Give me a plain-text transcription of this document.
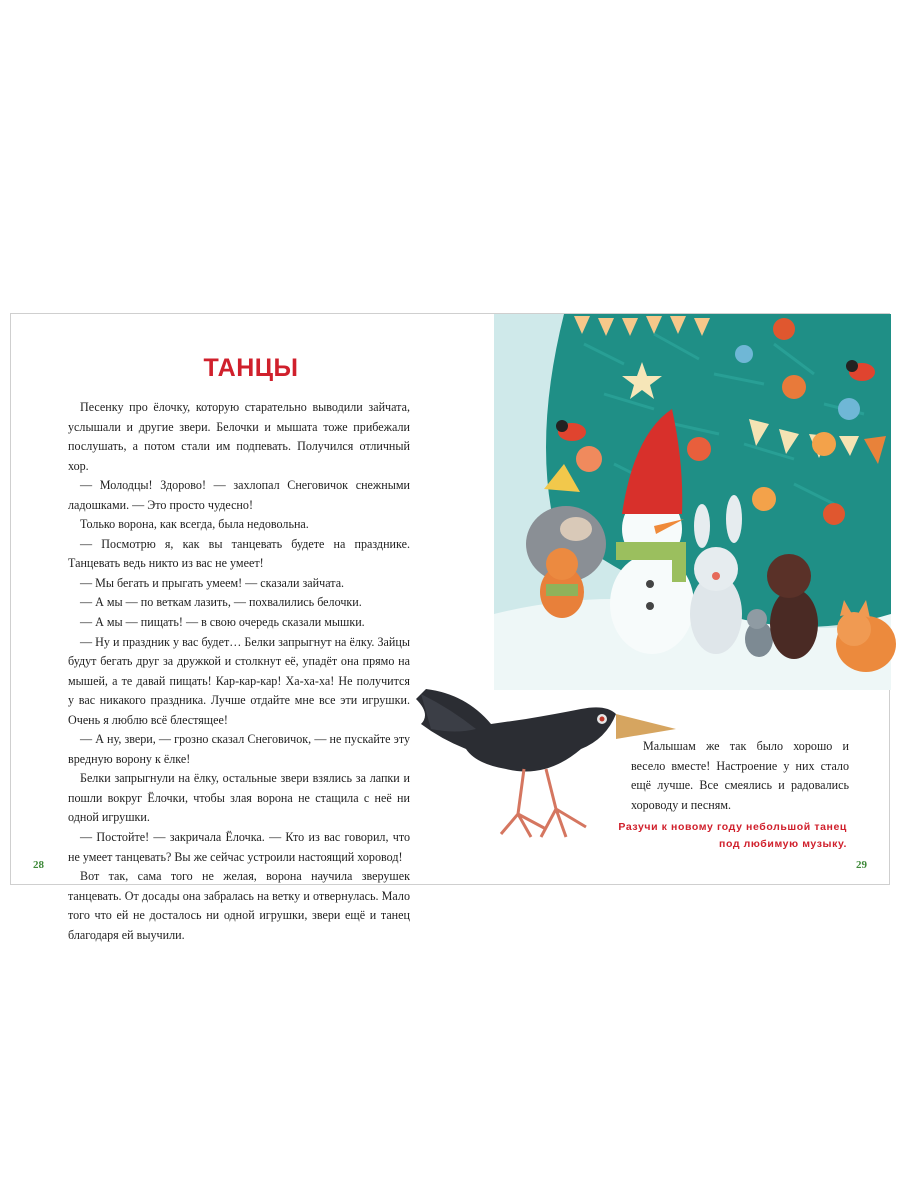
ТАНЦЫ

Песенку про ёлочку, которую старательно выводили зайчата, услышали и другие звери. Белочки и мышата тоже прибежали послушать, а потом стали им подпевать. Получился отличный хор.

— Молодцы! Здорово! — захлопал Снеговичок снежными ладошками. — Это просто чудесно!

Только ворона, как всегда, была недовольна.

— Посмотрю я, как вы танцевать будете на празднике. Танцевать ведь никто из вас не умеет!

— Мы бегать и прыгать умеем! — сказали зайчата.

— А мы — по веткам лазить, — похвалились белочки.

— А мы — пищать! — в свою очередь сказали мышки.

— Ну и праздник у вас будет… Белки запрыгнут на ёлку. Зайцы будут бегать друг за дружкой и столкнут её, упадёт она прямо на мышей, а те давай пищать! Кар-кар-кар! Ха-ха-ха! Не получится у вас никакого праздника. Лучше отдайте мне все эти игрушки. Очень я люблю всё блестящее!

— А ну, звери, — грозно сказал Снеговичок, — не пускайте эту вредную ворону к ёлке!

Белки запрыгнули на ёлку, остальные звери взялись за лапки и пошли вокруг Ёлочки, чтобы злая ворона не стащила с неё ни одной игрушки.

— Постойте! — закричала Ёлочка. — Кто из вас говорил, что не умеет танцевать? Вы же сейчас устроили настоящий хоровод!

Вот так, сама того не желая, ворона научила зверушек танцевать. От досады она забралась на ветку и отвернулась. Мало того что ей не досталось ни одной игрушки, звери ещё и танец благодаря ей выучили.

28

Малышам же так было хорошо и весело вместе! Настроение у них стало ещё лучше. Все смеялись и радовались хороводу и песням.

Разучи к новому году небольшой танец под любимую музыку.
29
